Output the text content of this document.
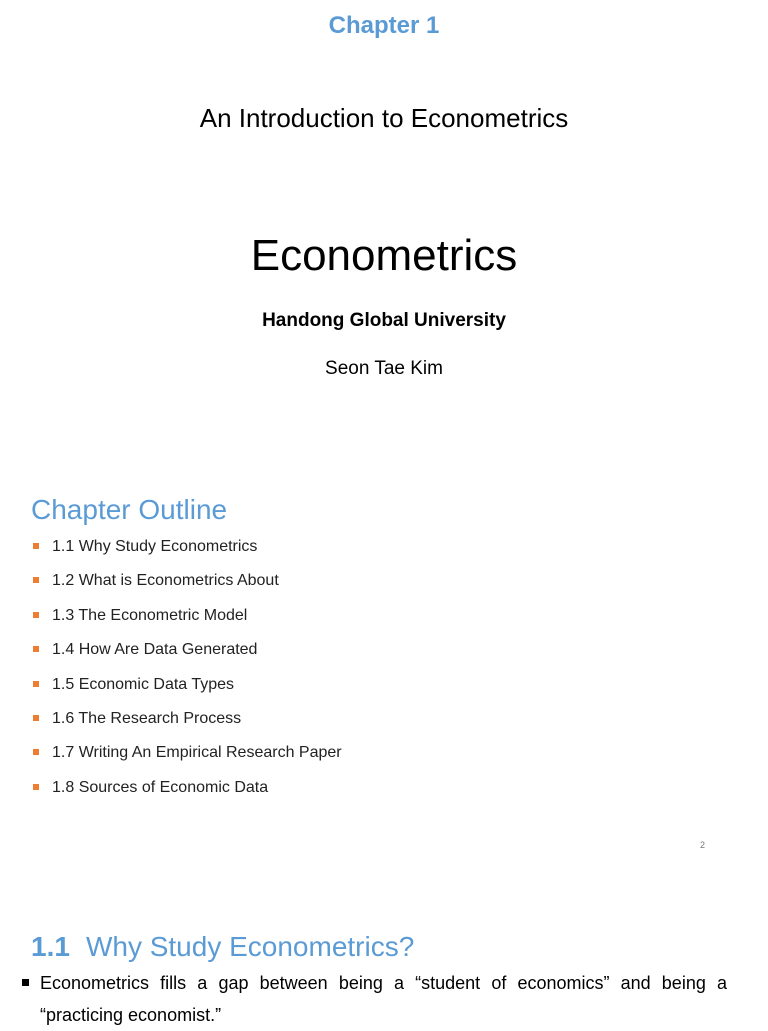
Chapter 1
An Introduction to Econometrics
Econometrics
Handong Global University
Seon Tae Kim
Chapter Outline
1.1 Why Study Econometrics
1.2 What is Econometrics About
1.3 The Econometric Model
1.4 How Are Data Generated
1.5 Economic Data Types
1.6 The Research Process
1.7 Writing An Empirical Research Paper
1.8 Sources of Economic Data
2
1.1 Why Study Econometrics?
Econometrics fills a gap between being a “student of economics” and being a “practicing economist.”
